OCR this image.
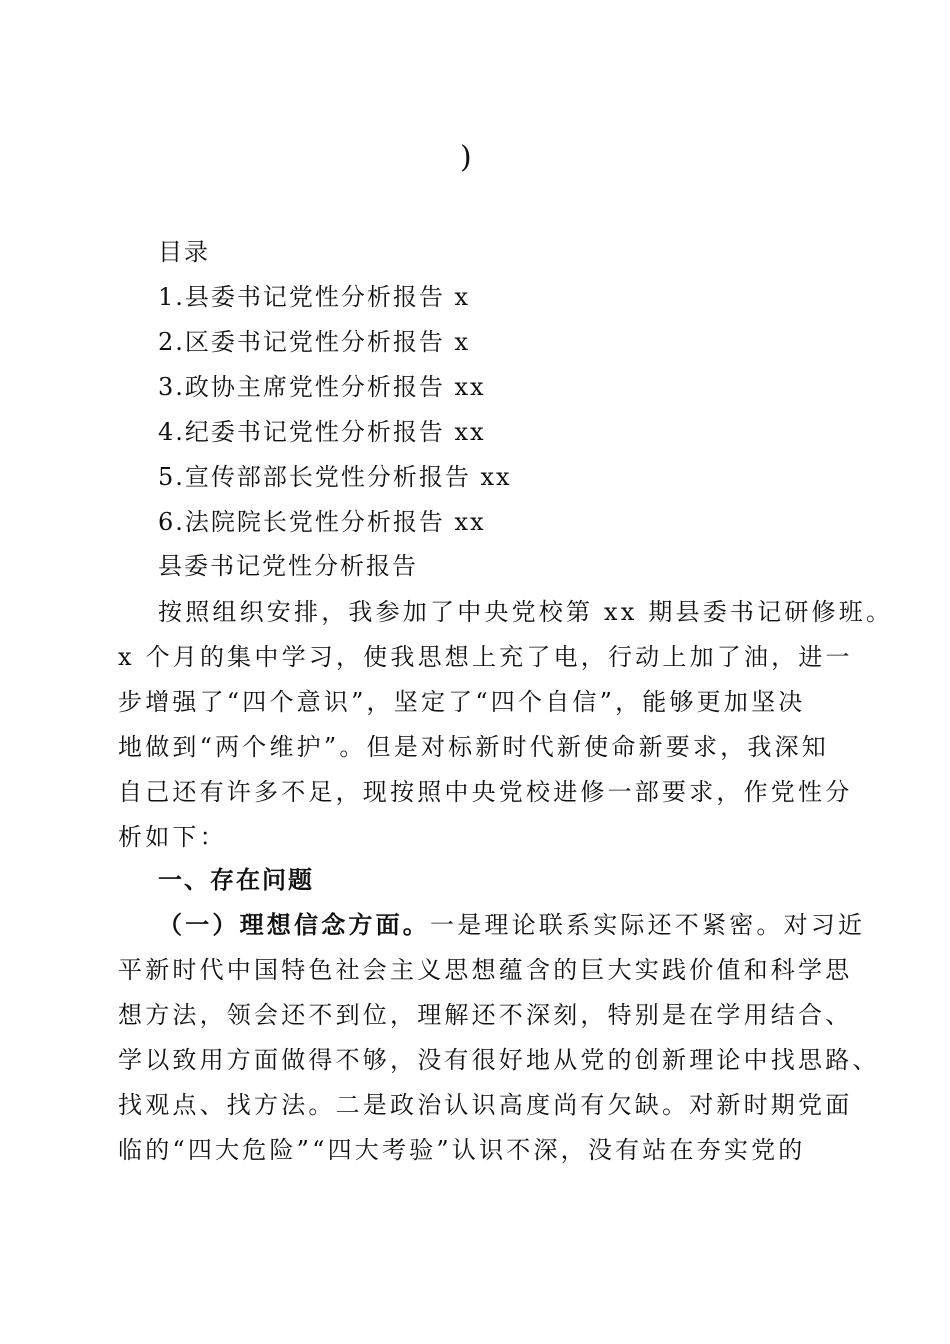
)
目录
1.县委书记党性分析报告 x
2.区委书记党性分析报告 x
3.政协主席党性分析报告 xx
4.纪委书记党性分析报告 xx
5.宣传部部长党性分析报告 xx
6.法院院长党性分析报告 xx
县委书记党性分析报告
按照组织安排，我参加了中央党校第 xx 期县委书记研修班。
x 个月的集中学习，使我思想上充了电，行动上加了油，进一
步增强了“四个意识”，坚定了“四个自信”，能够更加坚决
地做到“两个维护”。但是对标新时代新使命新要求，我深知
自己还有许多不足，现按照中央党校进修一部要求，作党性分
析如下：
一、存在问题
（一）理想信念方面。一是理论联系实际还不紧密。对习近
平新时代中国特色社会主义思想蕴含的巨大实践价值和科学思
想方法，领会还不到位，理解还不深刻，特别是在学用结合、
学以致用方面做得不够，没有很好地从党的创新理论中找思路、
找观点、找方法。二是政治认识高度尚有欠缺。对新时期党面
临的“四大危险”“四大考验”认识不深，没有站在夯实党的
